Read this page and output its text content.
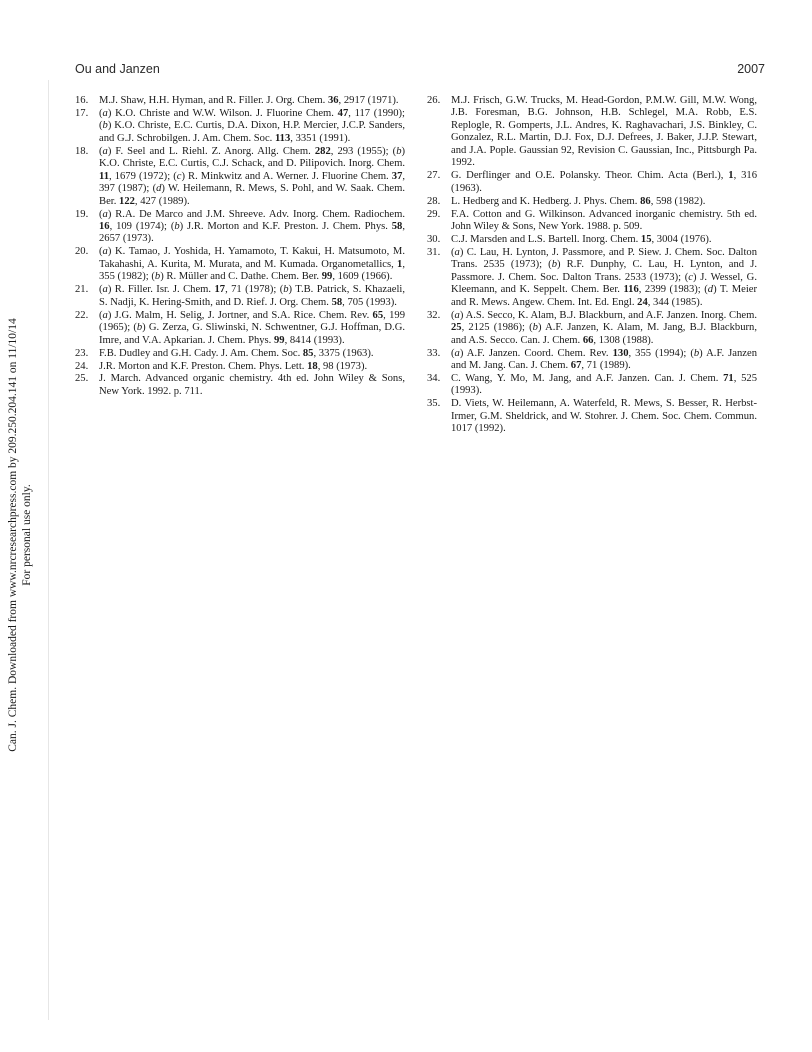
Ou and Janzen	2007
Can. J. Chem. Downloaded from www.nrcresearchpress.com by 209.250.204.141 on 11/10/14 For personal use only.
16. M.J. Shaw, H.H. Hyman, and R. Filler. J. Org. Chem. 36, 2917 (1971).
17. (a) K.O. Christe and W.W. Wilson. J. Fluorine Chem. 47, 117 (1990); (b) K.O. Christe, E.C. Curtis, D.A. Dixon, H.P. Mercier, J.C.P. Sanders, and G.J. Schrobilgen. J. Am. Chem. Soc. 113, 3351 (1991).
18. (a) F. Seel and L. Riehl. Z. Anorg. Allg. Chem. 282, 293 (1955); (b) K.O. Christe, E.C. Curtis, C.J. Schack, and D. Pilipovich. Inorg. Chem. 11, 1679 (1972); (c) R. Minkwitz and A. Werner. J. Fluorine Chem. 37, 397 (1987); (d) W. Heilemann, R. Mews, S. Pohl, and W. Saak. Chem. Ber. 122, 427 (1989).
19. (a) R.A. De Marco and J.M. Shreeve. Adv. Inorg. Chem. Radiochem. 16, 109 (1974); (b) J.R. Morton and K.F. Preston. J. Chem. Phys. 58, 2657 (1973).
20. (a) K. Tamao, J. Yoshida, H. Yamamoto, T. Kakui, H. Matsumoto, M. Takahashi, A. Kurita, M. Murata, and M. Kumada. Organometallics, 1, 355 (1982); (b) R. Müller and C. Dathe. Chem. Ber. 99, 1609 (1966).
21. (a) R. Filler. Isr. J. Chem. 17, 71 (1978); (b) T.B. Patrick, S. Khazaeli, S. Nadji, K. Hering-Smith, and D. Rief. J. Org. Chem. 58, 705 (1993).
22. (a) J.G. Malm, H. Selig, J. Jortner, and S.A. Rice. Chem. Rev. 65, 199 (1965); (b) G. Zerza, G. Sliwinski, N. Schwentner, G.J. Hoffman, D.G. Imre, and V.A. Apkarian. J. Chem. Phys. 99, 8414 (1993).
23. F.B. Dudley and G.H. Cady. J. Am. Chem. Soc. 85, 3375 (1963).
24. J.R. Morton and K.F. Preston. Chem. Phys. Lett. 18, 98 (1973).
25. J. March. Advanced organic chemistry. 4th ed. John Wiley & Sons, New York. 1992. p. 711.
26. M.J. Frisch, G.W. Trucks, M. Head-Gordon, P.M.W. Gill, M.W. Wong, J.B. Foresman, B.G. Johnson, H.B. Schlegel, M.A. Robb, E.S. Replogle, R. Gomperts, J.L. Andres, K. Raghavachari, J.S. Binkley, C. Gonzalez, R.L. Martin, D.J. Fox, D.J. Defrees, J. Baker, J.J.P. Stewart, and J.A. Pople. Gaussian 92, Revision C. Gaussian, Inc., Pittsburgh Pa. 1992.
27. G. Derflinger and O.E. Polansky. Theor. Chim. Acta (Berl.), 1, 316 (1963).
28. L. Hedberg and K. Hedberg. J. Phys. Chem. 86, 598 (1982).
29. F.A. Cotton and G. Wilkinson. Advanced inorganic chemistry. 5th ed. John Wiley & Sons, New York. 1988. p. 509.
30. C.J. Marsden and L.S. Bartell. Inorg. Chem. 15, 3004 (1976).
31. (a) C. Lau, H. Lynton, J. Passmore, and P. Siew. J. Chem. Soc. Dalton Trans. 2535 (1973); (b) R.F. Dunphy, C. Lau, H. Lynton, and J. Passmore. J. Chem. Soc. Dalton Trans. 2533 (1973); (c) J. Wessel, G. Kleemann, and K. Seppelt. Chem. Ber. 116, 2399 (1983); (d) T. Meier and R. Mews. Angew. Chem. Int. Ed. Engl. 24, 344 (1985).
32. (a) A.S. Secco, K. Alam, B.J. Blackburn, and A.F. Janzen. Inorg. Chem. 25, 2125 (1986); (b) A.F. Janzen, K. Alam, M. Jang, B.J. Blackburn, and A.S. Secco. Can. J. Chem. 66, 1308 (1988).
33. (a) A.F. Janzen. Coord. Chem. Rev. 130, 355 (1994); (b) A.F. Janzen and M. Jang. Can. J. Chem. 67, 71 (1989).
34. C. Wang, Y. Mo, M. Jang, and A.F. Janzen. Can. J. Chem. 71, 525 (1993).
35. D. Viets, W. Heilemann, A. Waterfeld, R. Mews, S. Besser, R. Herbst-Irmer, G.M. Sheldrick, and W. Stohrer. J. Chem. Soc. Chem. Commun. 1017 (1992).
